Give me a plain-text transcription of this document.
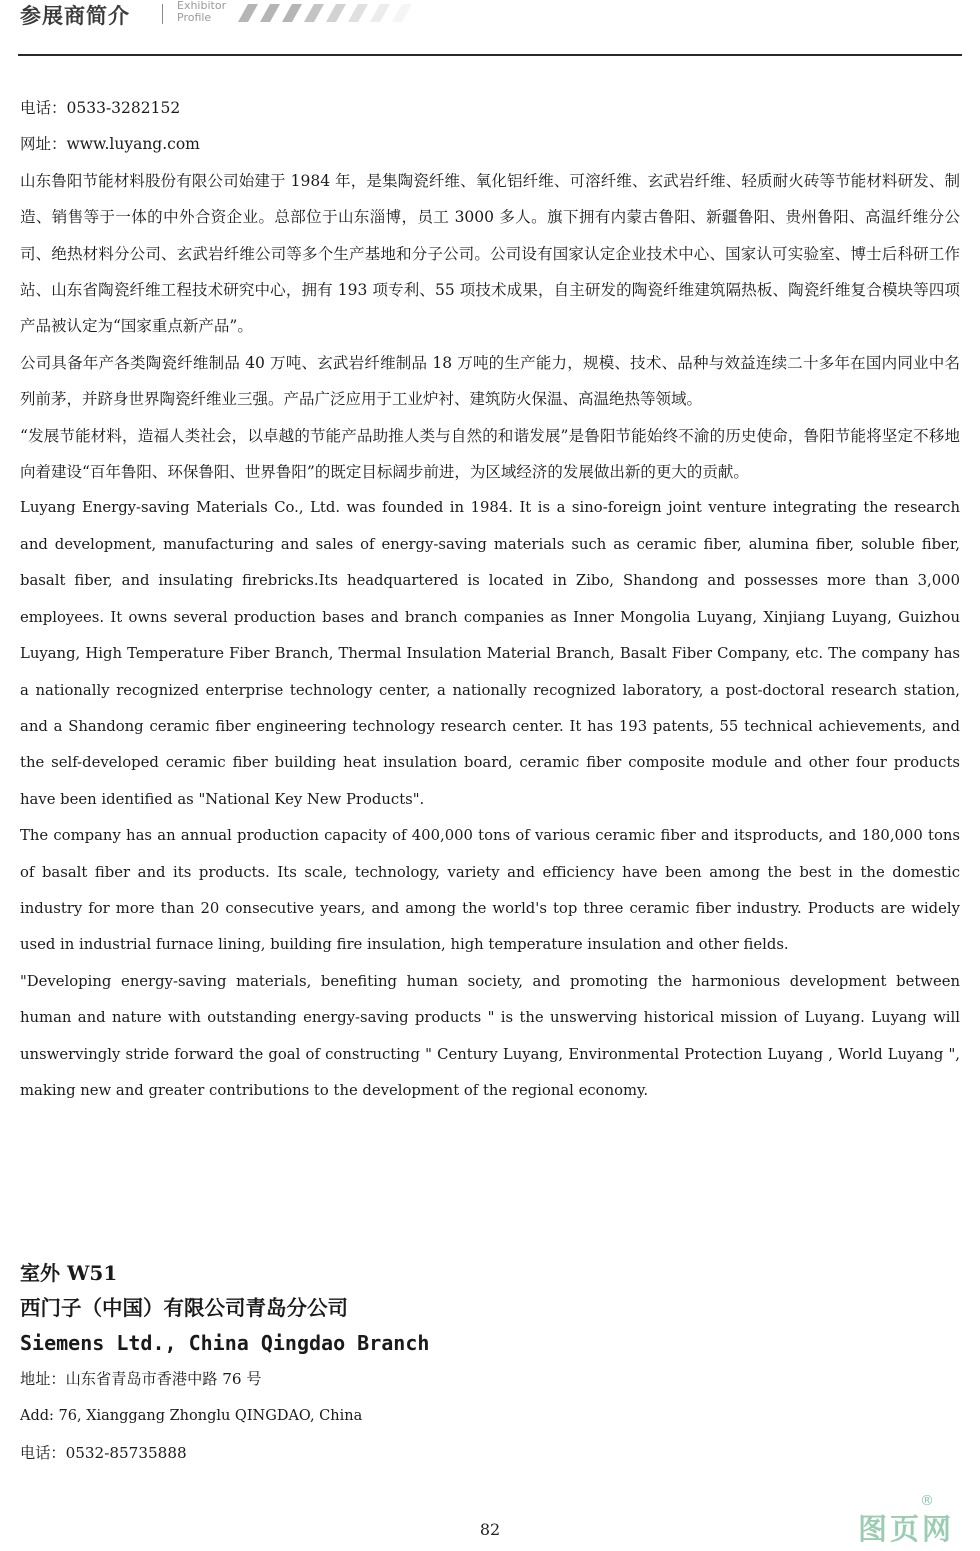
参展商简介	Exhibitor
Profile

电话：0533-3282152

网址：www.luyang.com

山东鲁阳节能材料股份有限公司始建于 1984 年，是集陶瓷纤维、氧化铝纤维、可溶纤维、玄武岩纤维、轻质耐火砖等节能材料研发、制造、销售等于一体的中外合资企业。总部位于山东淄博，员工 3000 多人。旗下拥有内蒙古鲁阳、新疆鲁阳、贵州鲁阳、高温纤维分公司、绝热材料分公司、玄武岩纤维公司等多个生产基地和分子公司。公司设有国家认定企业技术中心、国家认可实验室、博士后科研工作站、山东省陶瓷纤维工程技术研究中心，拥有 193 项专利、55 项技术成果，自主研发的陶瓷纤维建筑隔热板、陶瓷纤维复合模块等四项产品被认定为“国家重点新产品”。

公司具备年产各类陶瓷纤维制品 40 万吨、玄武岩纤维制品 18 万吨的生产能力，规模、技术、品种与效益连续二十多年在国内同业中名列前茅，并跻身世界陶瓷纤维业三强。产品广泛应用于工业炉衬、建筑防火保温、高温绝热等领域。

“发展节能材料，造福人类社会，以卓越的节能产品助推人类与自然的和谐发展”是鲁阳节能始终不渝的历史使命，鲁阳节能将坚定不移地向着建设“百年鲁阳、环保鲁阳、世界鲁阳”的既定目标阔步前进，为区域经济的发展做出新的更大的贡献。

Luyang Energy-saving Materials Co., Ltd. was founded in 1984. It is a sino-foreign joint venture integrating the research and development, manufacturing and sales of energy-saving materials such as ceramic fiber, alumina fiber, soluble fiber, basalt fiber, and insulating firebricks.Its headquartered is located in Zibo, Shandong and possesses more than 3,000 employees. It owns several production bases and branch companies as Inner Mongolia Luyang, Xinjiang Luyang, Guizhou Luyang, High Temperature Fiber Branch, Thermal Insulation Material Branch, Basalt Fiber Company, etc. The company has a nationally recognized enterprise technology center, a nationally recognized laboratory, a post-doctoral research station, and a Shandong ceramic fiber engineering technology research center. It has 193 patents, 55 technical achievements, and the self-developed ceramic fiber building heat insulation board, ceramic fiber composite module and other four products have been identified as "National Key New Products".

The company has an annual production capacity of 400,000 tons of various ceramic fiber and itsproducts, and 180,000 tons of basalt fiber and its products. Its scale, technology, variety and efficiency have been among the best in the domestic industry for more than 20 consecutive years, and among the world's top three ceramic fiber industry. Products are widely used in industrial furnace lining, building fire insulation, high temperature insulation and other fields.

"Developing energy-saving materials, benefiting human society, and promoting the harmonious development between human and nature with outstanding energy-saving products " is the unswerving historical mission of Luyang. Luyang will unswervingly stride forward the goal of constructing " Century Luyang, Environmental Protection Luyang , World Luyang ", making new and greater contributions to the development of the regional economy.

室外 W51

西门子（中国）有限公司青岛分公司

Siemens Ltd., China Qingdao Branch

地址：山东省青岛市香港中路 76 号

Add: 76, Xianggang Zhonglu QINGDAO, China

电话：0532-85735888

82	图页网
®
